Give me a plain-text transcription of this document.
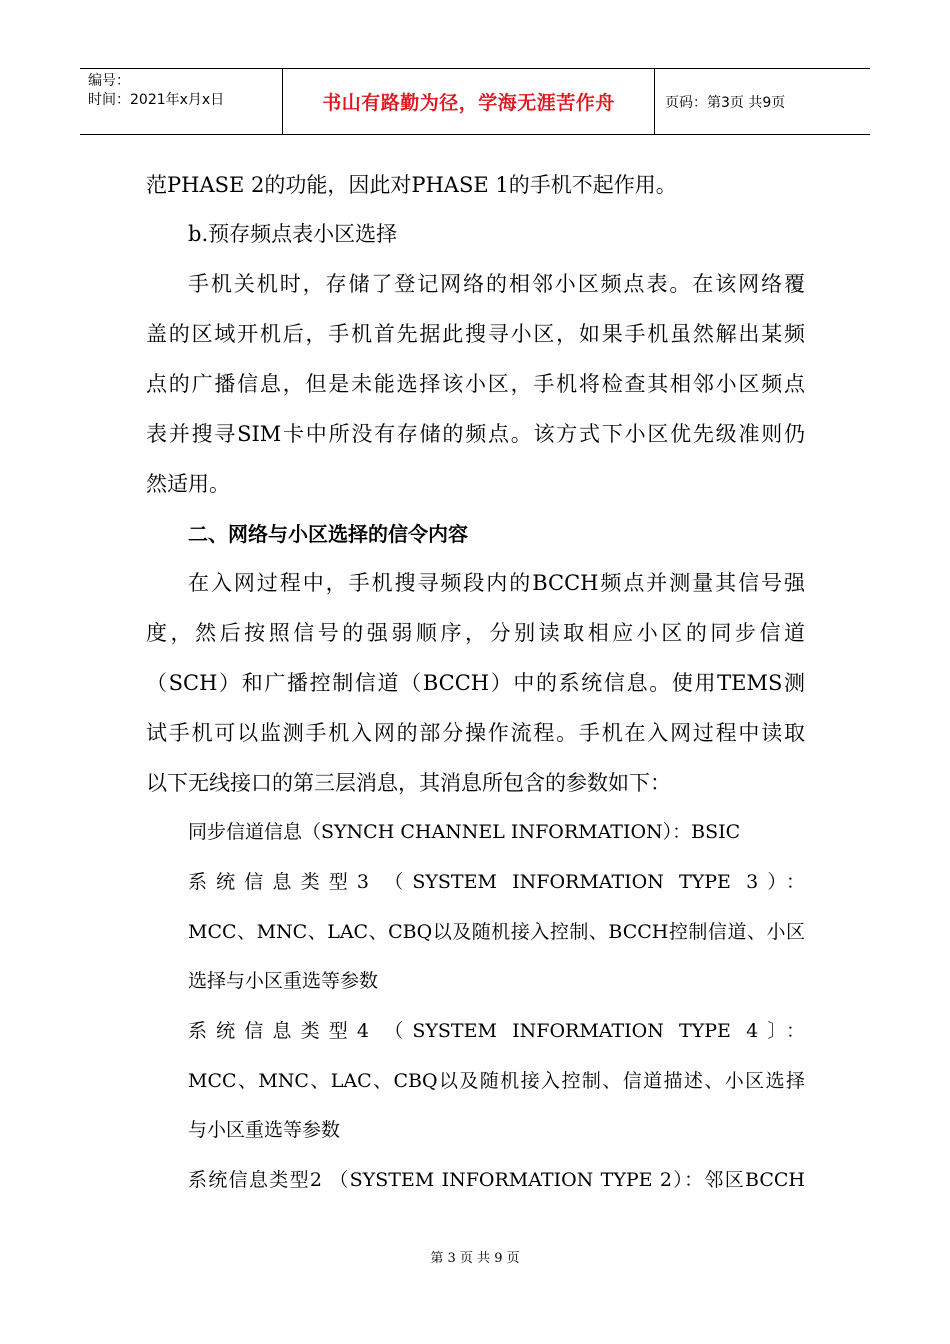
编号：
时间：2021年x月x日	书山有路勤为径，学海无涯苦作舟	页码：第3页 共9页
范PHASE 2的功能，因此对PHASE 1的手机不起作用。
b.预存频点表小区选择
手机关机时，存储了登记网络的相邻小区频点表。在该网络覆
盖的区域开机后，手机首先据此搜寻小区，如果手机虽然解出某频
点的广播信息，但是未能选择该小区，手机将检查其相邻小区频点
表并搜寻SIM卡中所没有存储的频点。该方式下小区优先级准则仍
然适用。
二、网络与小区选择的信令内容
在入网过程中，手机搜寻频段内的BCCH频点并测量其信号强
度，然后按照信号的强弱顺序，分别读取相应小区的同步信道
（SCH）和广播控制信道（BCCH）中的系统信息。使用TEMS测
试手机可以监测手机入网的部分操作流程。手机在入网过程中读取
以下无线接口的第三层消息，其消息所包含的参数如下：
同步信道信息（SYNCH CHANNEL INFORMATION）：BSIC
系统信息类型3 （SYSTEM INFORMATION TYPE 3）：
MCC、MNC、LAC、CBQ以及随机接入控制、BCCH控制信道、小区
选择与小区重选等参数
系统信息类型4 （SYSTEM INFORMATION TYPE 4〕：
MCC、MNC、LAC、CBQ以及随机接入控制、信道描述、小区选择
与小区重选等参数
系统信息类型2 （SYSTEM INFORMATION TYPE 2）：邻区BCCH
第 3 页 共 9 页
